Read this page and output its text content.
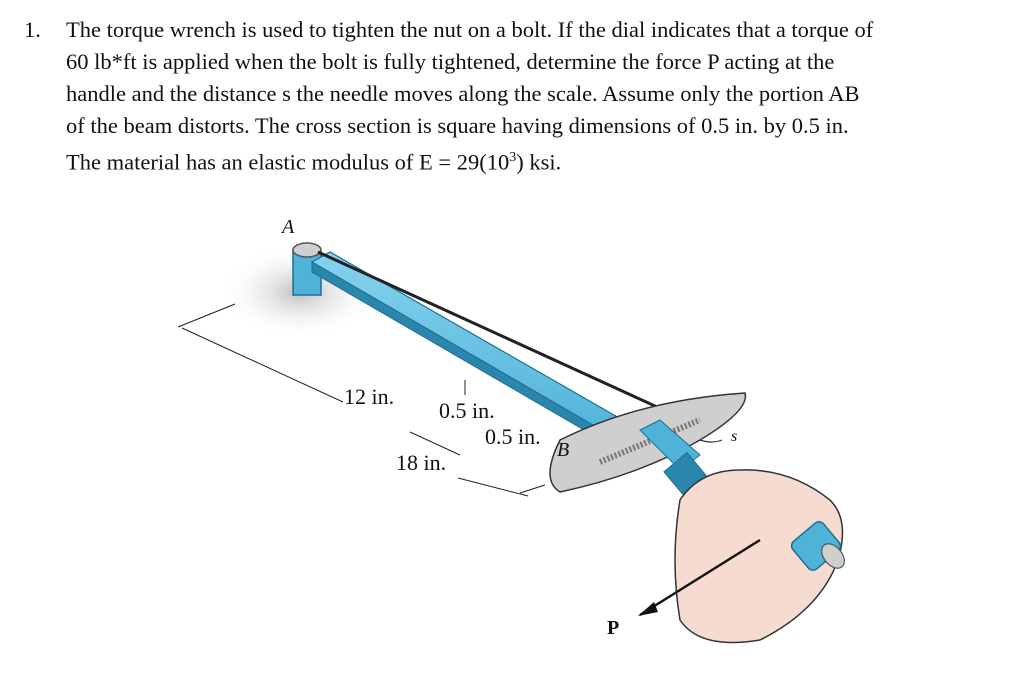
1.	The torque wrench is used to tighten the nut on a bolt. If the dial indicates that a torque of
60 lb*ft is applied when the bolt is fully tightened, determine the force P acting at the
handle and the distance s the needle moves along the scale. Assume only the portion AB
of the beam distorts. The cross section is square having dimensions of 0.5 in. by 0.5 in.
The material has an elastic modulus of $E = 29(10^3)$ ksi.
A
B
s
P
12 in.
18 in.
0.5 in.
0.5 in.
